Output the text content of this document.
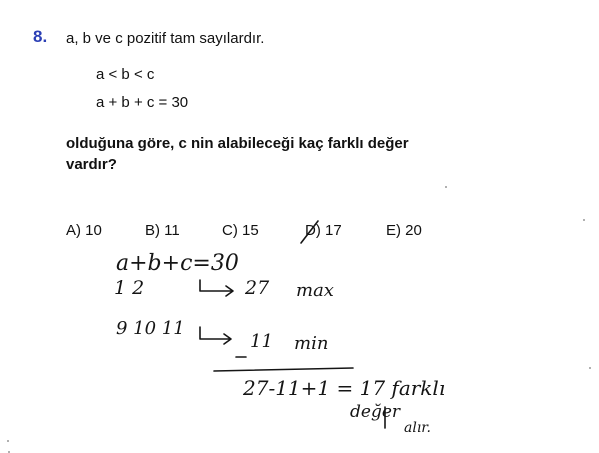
8. a, b ve c pozitif tam sayılardır.
a < b < c
a + b + c = 30
olduğuna göre, c nin alabileceği kaç farklı değer
vardır?
A) 10	B) 11	C) 15	D) 17	E) 20
a+b+c=30
1 2	27 max
9 10 11
11 min
27-11+1 = 17 farklı
değer
alır.
